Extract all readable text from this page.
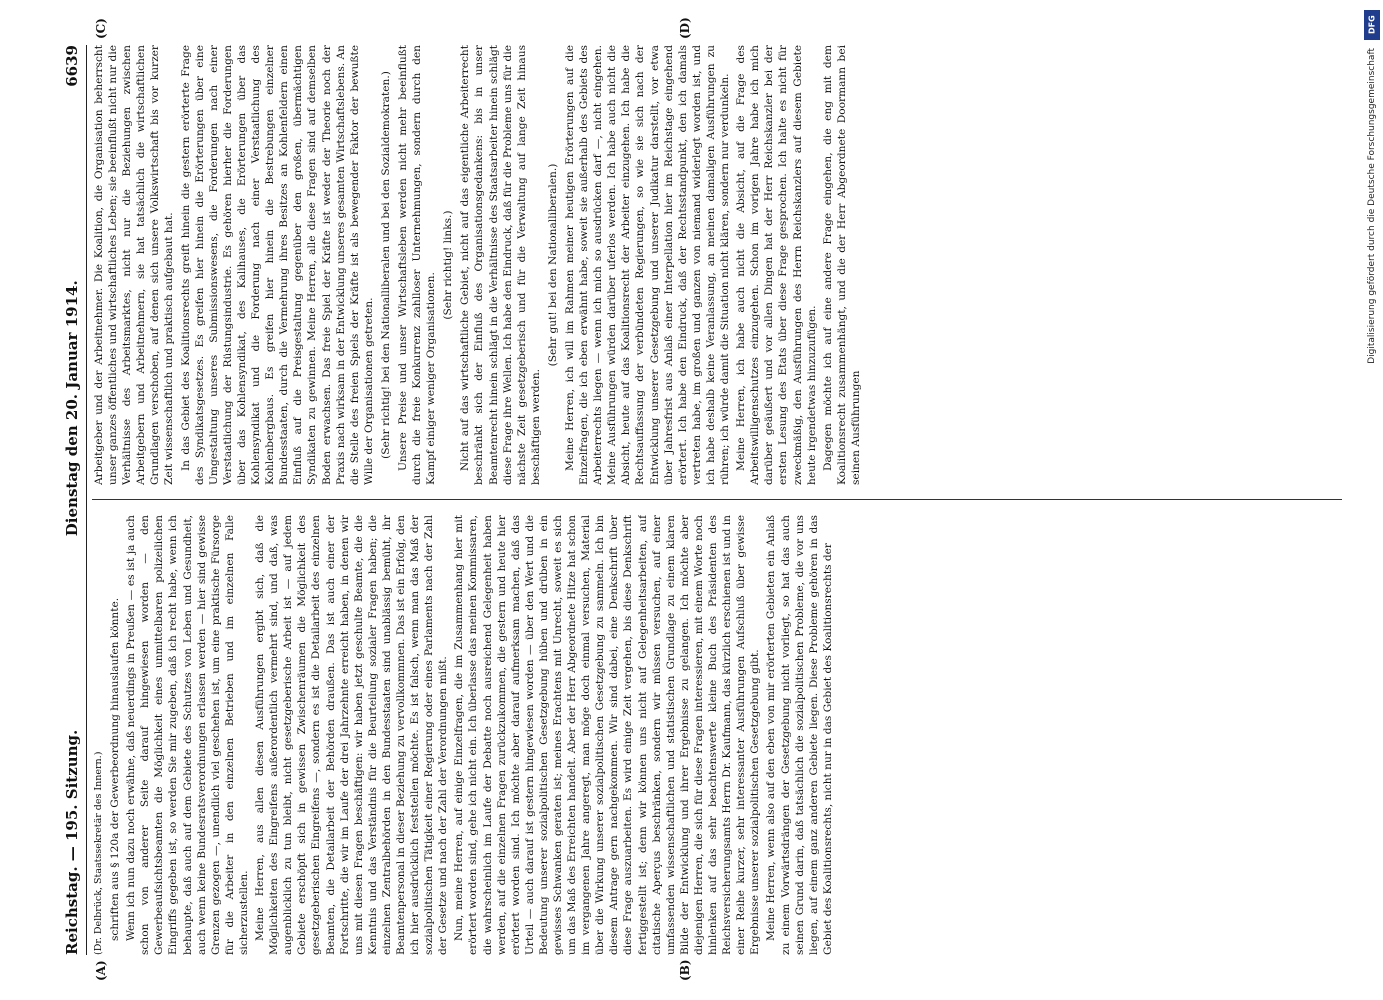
Reichstag. — 195. Sitzung.
Dienstag den 20. Januar 1914.
6639

(Dr. Delbrück, Staatssekretär des Innern.) schriften aus § 120a der Gewerbeordnung hinauslaufen könnte. Wenn ich nun dazu noch erwähne, daß neuerdings in Preußen — es ist ja auch schon von anderer Seite darauf hingewiesen worden — den Gewerbeaufsichtsbeamten die Möglichkeit eines unmittelbaren polizeilichen Eingriffs gegeben ist, so werden Sie mir zugeben, daß ich recht habe, wenn ich behaupte, daß auch auf dem Gebiete des Schutzes von Leben und Gesundheit, auch wenn keine Bundesratsverordnungen erlassen werden — hier sind gewisse Grenzen gezogen —, unendlich viel geschehen ist, um eine praktische Fürsorge für die Arbeiter in den einzelnen Betrieben und im einzelnen Falle sicherzustellen. Meine Herren, aus allen diesen Ausführungen ergibt sich, daß die Möglichkeiten des Eingreifens außerordentlich vermehrt sind, und daß, was augenblicklich zu tun bleibt, nicht gesetzgeberische Arbeit ist — auf jedem Gebiete erschöpft sich in gewissen Zwischenräumen die Möglichkeit des gesetzgeberischen Eingreifens —, sondern es ist die Detailarbeit des einzelnen Beamten, die Detailarbeit der Behörden draußen. Das ist auch einer der Fortschritte, die wir im Laufe der drei Jahrzehnte erreicht haben, in denen wir uns mit diesen Fragen beschäftigen: wir haben jetzt geschulte Beamte, die die Kenntnis und das Verständnis für die Beurteilung sozialer Fragen haben; die einzelnen Zentralbehörden in den Bundesstaaten sind unablässig bemüht, ihr Beamtenpersonal in dieser Beziehung zu vervollkommnen. Das ist ein Erfolg, den ich hier ausdrücklich feststellen möchte. Es ist falsch, wenn man das Maß der sozialpolitischen Tätigkeit einer Regierung oder eines Parlaments nach der Zahl der Gesetze und nach der Zahl der Verordnungen mißt. Nun, meine Herren, auf einige Einzelfragen, die im Zusammenhang hier mit erörtert worden sind, gehe ich nicht ein. Ich überlasse das meinen Kommissaren, die wahrscheinlich im Laufe der Debatte noch ausreichend Gelegenheit haben werden, auf die einzelnen Fragen zurückzukommen, die gestern und heute hier erörtert worden sind. Ich möchte aber darauf aufmerksam machen, daß das Urteil — auch darauf ist gestern hingewiesen worden — über den Wert und die Bedeutung unserer sozialpolitischen Gesetzgebung hüben und drüben in ein gewisses Schwanken geraten ist; meines Erachtens mit Unrecht, soweit es sich um das Maß des Erreichten handelt. Aber der Herr Abgeordnete Hitze hat schon im vergangenen Jahre angeregt, man möge doch einmal versuchen, Material über die Wirkung unserer sozialpolitischen Gesetzgebung zu sammeln. Ich bin diesem Antrage gern nachgekommen. Wir sind dabei, eine Denkschrift über diese Frage auszuarbeiten. Es wird einige Zeit vergehen, bis diese Denkschrift fertiggestellt ist; denn wir können uns nicht auf Gelegenheitsarbeiten, auf citatische Aperçus beschränken, sondern wir müssen versuchen, auf einer umfassenden wissenschaftlichen und statistischen Grundlage zu einem klaren Bilde der Entwicklung und ihrer Ergebnisse zu gelangen. Ich möchte aber diejenigen Herren, die sich für diese Fragen interessieren, mit einem Worte noch hinlenken auf das sehr beachtenswerte kleine Buch des Präsidenten des Reichsversicherungsamts Herrn Dr. Kaufmann, das kürzlich erschienen ist und in einer Reihe kurzer, sehr interessanter Ausführungen Aufschluß über gewisse Ergebnisse unserer sozialpolitischen Gesetzgebung gibt. Meine Herren, wenn also auf den eben von mir erörterten Gebieten ein Anlaß zu einem Vorwärtsdrängen der Gesetzgebung nicht vorliegt, so hat das auch seinen Grund darin, daß tatsächlich die sozialpolitischen Probleme, die vor uns liegen, auf einem ganz anderen Gebiete liegen. Diese Probleme gehören in das Gebiet des Koalitionsrechts, nicht nur in das Gebiet des Koalitionsrechts der

Arbeitgeber und der Arbeitnehmer. Die Koalition, die Organisation beherrscht unser ganzes öffentliches und wirtschaftliches Leben; sie beeinflußt nicht nur die Verhältnisse des Arbeitsmarktes, nicht nur die Beziehungen zwischen Arbeitgebern und Arbeitnehmern, sie hat tatsächlich die wirtschaftlichen Grundlagen verschoben, auf denen sich unsere Volkswirtschaft bis vor kurzer Zeit wissenschaftlich und praktisch aufgebaut hat. In das Gebiet des Koalitionsrechts greift hinein die gestern erörterte Frage des Syndikatsgesetzes. Es greifen hier hinein die Erörterungen über eine Umgestaltung unseres Submissionswesens, die Forderungen nach einer Verstaatlichung der Rüstungsindustrie. Es gehören hierher die Forderungen über das Kohlensyndikat, des Kalihauses, die Erörterungen über das Kohlensyndikat und die Forderung nach einer Verstaatlichung des Kohlenbergbaus. Es greifen hier hinein die Bestrebungen einzelner Bundesstaaten, durch die Vermehrung ihres Besitzes an Kohlenfeldern einen Einfluß auf die Preisgestaltung gegenüber den großen, übermächtigen Syndikaten zu gewinnen. Meine Herren, alle diese Fragen sind auf demselben Boden erwachsen. Das freie Spiel der Kräfte ist weder der Theorie noch der Praxis nach wirksam in der Entwicklung unseres gesamten Wirtschaftslebens. An die Stelle des freien Spiels der Kräfte ist als bewegender Faktor der bewußte Wille der Organisationen getreten. (Sehr richtig! bei den Nationalliberalen und bei den Sozialdemokraten.) Unsere Preise und unser Wirtschaftsleben werden nicht mehr beeinflußt durch die freie Konkurrenz zahlloser Unternehmungen, sondern durch den Kampf einiger weniger Organisationen.

(Sehr richtig! links.) Nicht auf das wirtschaftliche Gebiet, nicht auf das eigentliche Arbeiterrecht beschränkt sich der Einfluß des Organisationsgedankens: bis in unser Beamtenrecht hinein schlägt in die Verhältnisse des Staatsarbeiter hinein schlägt diese Frage ihre Wellen. Ich habe den Eindruck, daß für die Probleme uns für die nächste Zeit gesetzgeberisch und für die Verwaltung auf lange Zeit hinaus beschäftigen werden.

(Sehr gut! bei den Nationalliberalen.) Meine Herren, ich will im Rahmen meiner heutigen Erörterungen auf die Einzelfragen, die ich eben erwähnt habe, soweit sie außerhalb des Gebiets des Arbeiterrechts liegen — wenn ich mich so ausdrücken darf —, nicht eingehen. Meine Ausführungen würden darüber uferlos werden. Ich habe auch nicht die Absicht, heute auf das Koalitionsrecht der Arbeiter einzugehen. Ich habe die Rechtsauffassung der verbündeten Regierungen, so wie sie sich nach der Entwicklung unserer Gesetzgebung und unserer Judikatur darstellt, vor etwa über Jahresfrist aus Anlaß einer Interpellation hier im Reichstage eingehend erörtert. Ich habe den Eindruck, daß der Rechtsstandpunkt, den ich damals vertreten habe, im großen und ganzen von niemand widerlegt worden ist, und ich habe deshalb keine Veranlassung, an meinen damaligen Ausführungen zu rühren; ich würde damit die Situation nicht klären, sondern nur verdunkeln. Meine Herren, ich habe auch nicht die Absicht, auf die Frage des Arbeitswilligenschutzes einzugehen. Schon im vorigen Jahre habe ich mich darüber geäußert und vor allen Dingen hat der Herr Reichskanzler bei der ersten Lesung des Etats über diese Frage gesprochen. Ich halte es nicht für zweckmäßig, den Ausführungen des Herrn Reichskanzlers auf diesem Gebiete heute irgendetwas hinzuzufügen. Dagegen möchte ich auf eine andere Frage eingehen, die eng mit dem Koalitionsrecht zusammenhängt, und die der Herr Abgeordnete Doormann bei seinen Ausführungen

(A)	(B)
(C)	(D)	DFG
Digitalisierung gefördert durch die Deutsche Forschungsgemeinschaft
